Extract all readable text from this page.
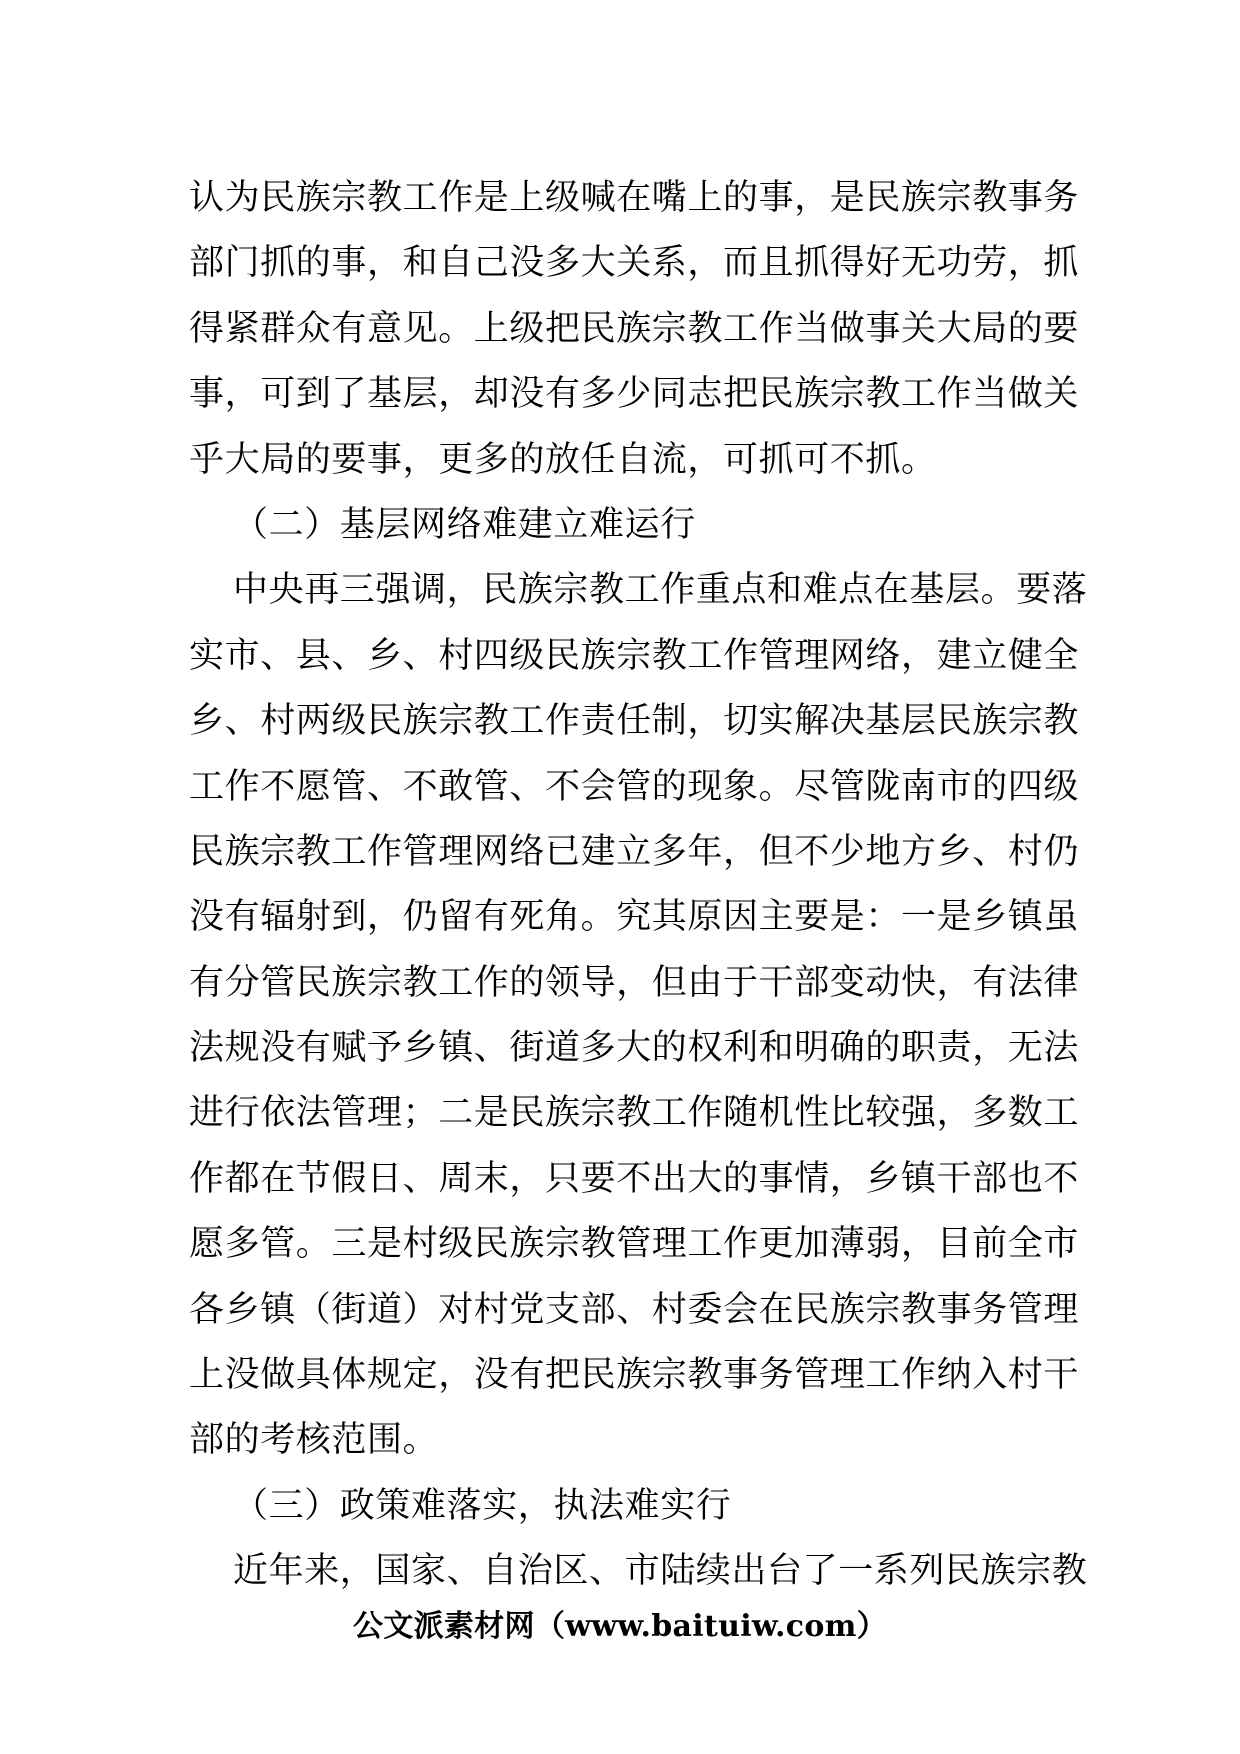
认为民族宗教工作是上级喊在嘴上的事，是民族宗教事务
部门抓的事，和自己没多大关系，而且抓得好无功劳，抓
得紧群众有意见。上级把民族宗教工作当做事关大局的要
事，可到了基层，却没有多少同志把民族宗教工作当做关
乎大局的要事，更多的放任自流，可抓可不抓。
（二）基层网络难建立难运行
中央再三强调，民族宗教工作重点和难点在基层。要落
实市、县、乡、村四级民族宗教工作管理网络，建立健全
乡、村两级民族宗教工作责任制，切实解决基层民族宗教
工作不愿管、不敢管、不会管的现象。尽管陇南市的四级
民族宗教工作管理网络已建立多年，但不少地方乡、村仍
没有辐射到，仍留有死角。究其原因主要是：一是乡镇虽
有分管民族宗教工作的领导，但由于干部变动快，有法律
法规没有赋予乡镇、街道多大的权利和明确的职责，无法
进行依法管理；二是民族宗教工作随机性比较强，多数工
作都在节假日、周末，只要不出大的事情，乡镇干部也不
愿多管。三是村级民族宗教管理工作更加薄弱，目前全市
各乡镇（街道）对村党支部、村委会在民族宗教事务管理
上没做具体规定，没有把民族宗教事务管理工作纳入村干
部的考核范围。
（三）政策难落实，执法难实行
近年来，国家、自治区、市陆续出台了一系列民族宗教
公文派素材网（www.baituiw.com）
